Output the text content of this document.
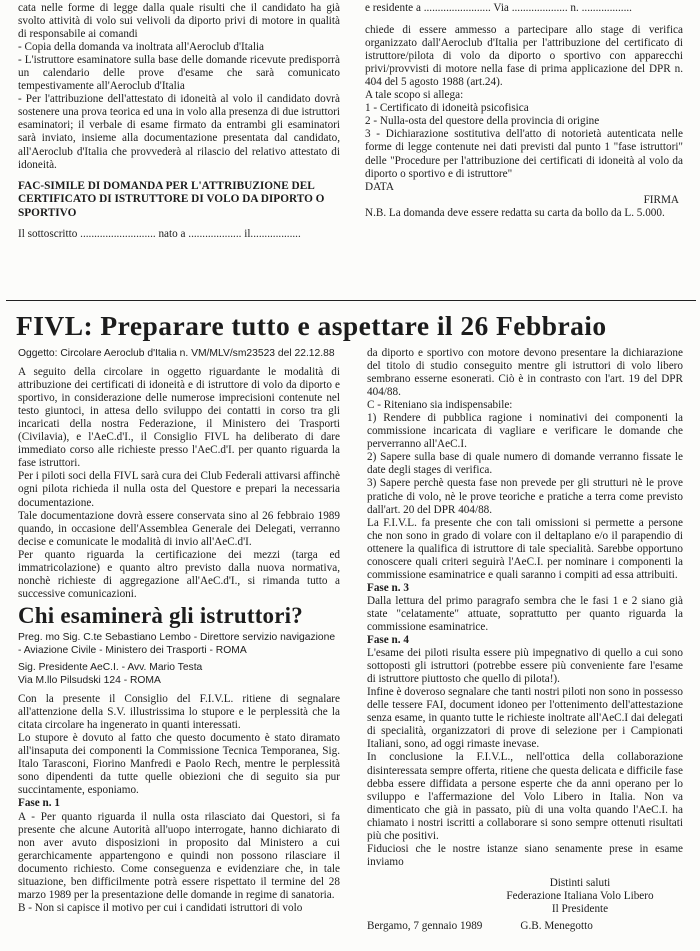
cata nelle forme di legge dalla quale risulti che il candidato ha già svolto attività di volo sui velivoli da diporto privi di motore in qualità di responsabile ai comandi

- Copia della domanda va inoltrata all'Aeroclub d'Italia

- L'istruttore esaminatore sulla base delle domande ricevute predisporrà un calendario delle prove d'esame che sarà comunicato tempestivamente all'Aeroclub d'Italia

- Per l'attribuzione dell'attestato di idoneità al volo il candidato dovrà sostenere una prova teorica ed una in volo alla presenza di due istruttori esaminatori; il verbale di esame firmato da entrambi gli esaminatori sarà inviato, insieme alla documentazione presentata dal candidato, all'Aeroclub d'Italia che provvederà al rilascio del relativo attestato di idoneità.

FAC-SIMILE DI DOMANDA PER L'ATTRIBUZIONE DEL CERTIFICATO DI ISTRUTTORE DI VOLO DA DIPORTO O SPORTIVO

Il sottoscritto ........................... nato a ................... il..................

e residente a ........................ Via .................... n. ..................

chiede di essere ammesso a partecipare allo stage di verifica organizzato dall'Aeroclub d'Italia per l'attribuzione del certificato di istruttore/pilota di volo da diporto o sportivo con apparecchi privi/provvisti di motore nella fase di prima applicazione del DPR n. 404 del 5 agosto 1988 (art.24).

A tale scopo si allega:

1 - Certificato di idoneità psicofisica

2 - Nulla-osta del questore della provincia di origine

3 - Dichiarazione sostitutiva dell'atto di notorietà autenticata nelle forme di legge contenute nei dati previsti dal punto 1 "fase istruttori" delle "Procedure per l'attribuzione dei certificati di idoneità al volo da diporto o sportivo e di istruttore"

DATA

FIRMA

N.B. La domanda deve essere redatta su carta da bollo da L. 5.000.

FIVL: Preparare tutto e aspettare il 26 Febbraio

Oggetto: Circolare Aeroclub d'Italia n. VM/MLV/sm23523 del 22.12.88

A seguito della circolare in oggetto riguardante le modalità di attribuzione dei certificati di idoneità e di istruttore di volo da diporto e sportivo, in considerazione delle numerose imprecisioni contenute nel testo giuntoci, in attesa dello sviluppo dei contatti in corso tra gli incaricati della nostra Federazione, il Ministero dei Trasporti (Civilavia), e l'AeC.d'I., il Consiglio FIVL ha deliberato di dare immediato corso alle richieste presso l'AeC.d'I. per quanto riguarda la fase istruttori.

Per i piloti soci della FIVL sarà cura dei Club Federali attivarsi affinchè ogni pilota richieda il nulla osta del Questore e prepari la necessaria documentazione.

Tale documentazione dovrà essere conservata sino al 26 febbraio 1989 quando, in occasione dell'Assemblea Generale dei Delegati, verranno decise e comunicate le modalità di invio all'AeC.d'I.

Per quanto riguarda la certificazione dei mezzi (targa ed immatricolazione) e quanto altro previsto dalla nuova normativa, nonchè richieste di aggregazione all'AeC.d'I., si rimanda tutto a successive comunicazioni.

Chi esaminerà gli istruttori?

Preg. mo Sig. C.te Sebastiano Lembo - Direttore servizio navigazione - Aviazione Civile - Ministero dei Trasporti - ROMA

Sig. Presidente AeC.I. - Avv. Mario Testa

Via M.llo Pilsudski 124 - ROMA

Con la presente il Consiglio del F.I.V.L. ritiene di segnalare all'attenzione della S.V. illustrissima lo stupore e le perplessità che la citata circolare ha ingenerato in quanti interessati.

Lo stupore è dovuto al fatto che questo documento è stato diramato all'insaputa dei componenti la Commissione Tecnica Temporanea, Sig. Italo Tarasconi, Fiorino Manfredi e Paolo Rech, mentre le perplessità sono dipendenti da tutte quelle obiezioni che di seguito sia pur succintamente, esponiamo.

Fase n. 1

A - Per quanto riguarda il nulla osta rilasciato dai Questori, si fa presente che alcune Autorità all'uopo interrogate, hanno dichiarato di non aver avuto disposizioni in proposito dal Ministero a cui gerarchicamente appartengono e quindi non possono rilasciare il documento richiesto. Come conseguenza e evidenziare che, in tale situazione, ben difficilmente potrà essere rispettato il termine del 28 marzo 1989 per la presentazione delle domande in regime di sanatoria.

B - Non si capisce il motivo per cui i candidati istruttori di volo

da diporto e sportivo con motore devono presentare la dichiarazione del titolo di studio conseguito mentre gli istruttori di volo libero sembrano esserne esonerati. Ciò è in contrasto con l'art. 19 del DPR 404/88.

C - Riteniano sia indispensabile:

1) Rendere di pubblica ragione i nominativi dei componenti la commissione incaricata di vagliare e verificare le domande che perverranno all'AeC.I.

2) Sapere sulla base di quale numero di domande verranno fissate le date degli stages di verifica.

3) Sapere perchè questa fase non prevede per gli strutturi nè le prove pratiche di volo, nè le prove teoriche e pratiche a terra come previsto dall'art. 20 del DPR 404/88.

La F.I.V.L. fa presente che con tali omissioni si permette a persone che non sono in grado di volare con il deltaplano e/o il parapendio di ottenere la qualifica di istruttore di tale specialità. Sarebbe opportuno conoscere quali criteri seguirà l'AeC.I. per nominare i componenti la commissione esaminatrice e quali saranno i compiti ad essa attribuiti.

Fase n. 3

Dalla lettura del primo paragrafo sembra che le fasi 1 e 2 siano già state "celatamente" attuate, soprattutto per quanto riguarda la commissione esaminatrice.

Fase n. 4

L'esame dei piloti risulta essere più impegnativo di quello a cui sono sottoposti gli istruttori (potrebbe essere più conveniente fare l'esame di istruttore piuttosto che quello di pilota!).

Infine è doveroso segnalare che tanti nostri piloti non sono in possesso delle tessere FAI, document idoneo per l'ottenimento dell'attestazione senza esame, in quanto tutte le richieste inoltrate all'AeC.I dai delegati di specialità, organizzatori di prove di selezione per i Campionati Italiani, sono, ad oggi rimaste inevase.

In conclusione la F.I.V.L., nell'ottica della collaborazione disinteressata sempre offerta, ritiene che questa delicata e difficile fase debba essere diffidata a persone esperte che da anni operano per lo sviluppo e l'affermazione del Volo Libero in Italia. Non va dimenticato che già in passato, più di una volta quando l'AeC.I. ha chiamato i nostri iscritti a collaborare si sono sempre ottenuti risultati più che positivi.

Fiduciosi che le nostre istanze siano senamente prese in esame inviamo

Distinti saluti

Federazione Italiana Volo Libero

Il Presidente

Bergamo, 7 gennaio 1989	G.B. Menegotto
